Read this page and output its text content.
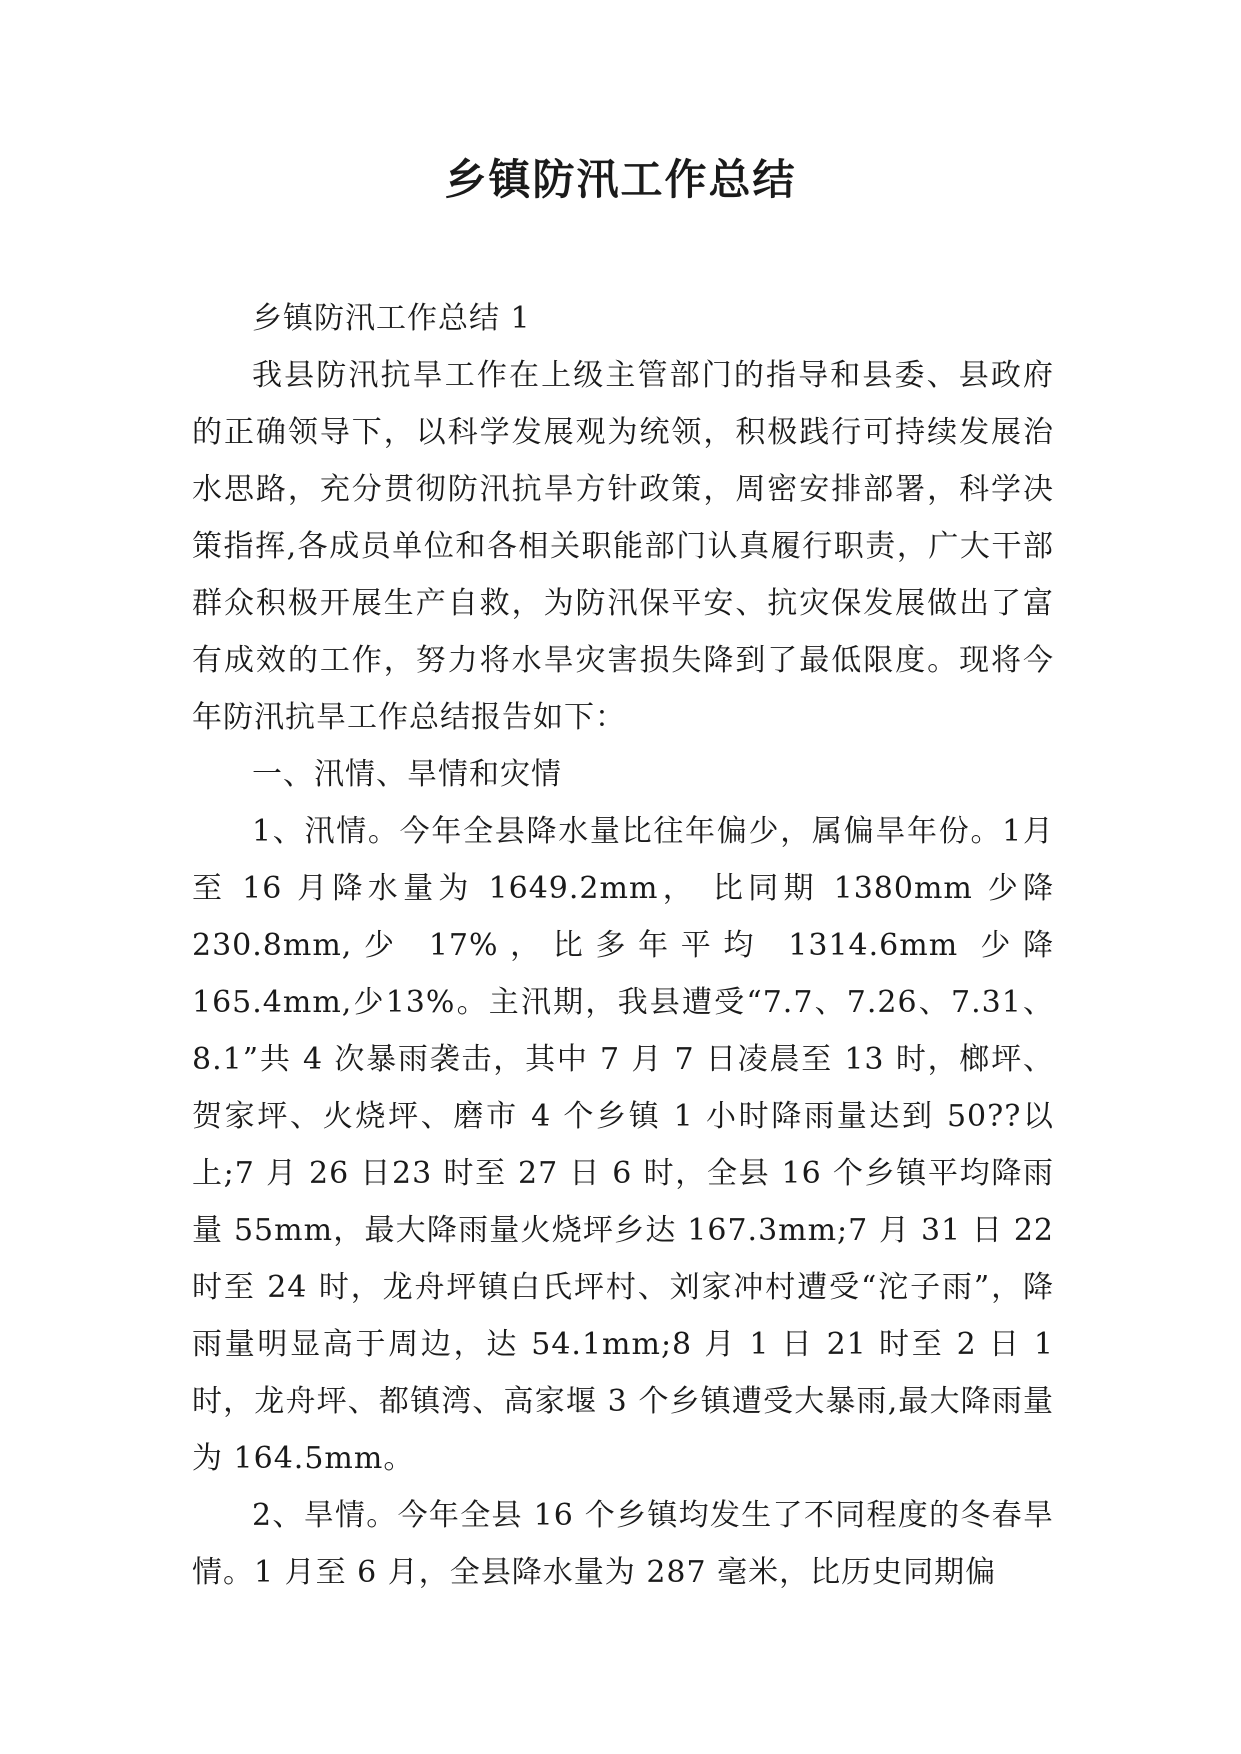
乡镇防汛工作总结

乡镇防汛工作总结 1

我县防汛抗旱工作在上级主管部门的指导和县委、县政府的正确领导下，以科学发展观为统领，积极践行可持续发展治水思路，充分贯彻防汛抗旱方针政策，周密安排部署，科学决策指挥,各成员单位和各相关职能部门认真履行职责，广大干部群众积极开展生产自救，为防汛保平安、抗灾保发展做出了富有成效的工作，努力将水旱灾害损失降到了最低限度。现将今年防汛抗旱工作总结报告如下：

一、汛情、旱情和灾情

1、汛情。今年全县降水量比往年偏少，属偏旱年份。1月至 16 月降水量为 1649.2mm， 比同期 1380mm 少降230.8mm,少 17%，比多年平均 1314.6mm 少降 165.4mm,少13%。主汛期，我县遭受“7.7、7.26、7.31、8.1”共 4 次暴雨袭击，其中 7 月 7 日凌晨至 13 时，榔坪、贺家坪、火烧坪、磨市 4 个乡镇 1 小时降雨量达到 50??以上;7 月 26 日23 时至 27 日 6 时，全县 16 个乡镇平均降雨量 55mm，最大降雨量火烧坪乡达 167.3mm;7 月 31 日 22 时至 24 时，龙舟坪镇白氏坪村、刘家冲村遭受“沱子雨”，降雨量明显高于周边，达 54.1mm;8 月 1 日 21 时至 2 日 1 时，龙舟坪、都镇湾、高家堰 3 个乡镇遭受大暴雨,最大降雨量为 164.5mm。

2、旱情。今年全县 16 个乡镇均发生了不同程度的冬春旱情。1 月至 6 月，全县降水量为 287 毫米，比历史同期偏
